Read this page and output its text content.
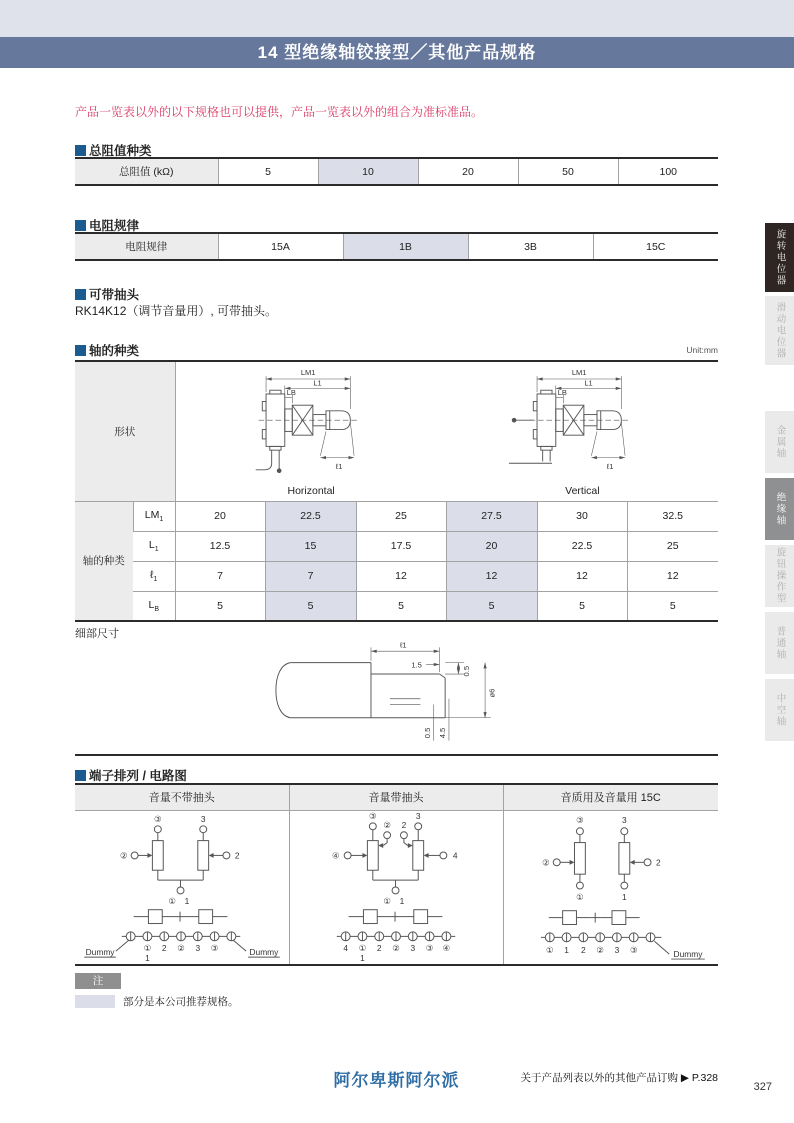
14 型绝缘轴铰接型／其他产品规格

产品一览表以外的以下规格也可以提供，产品一览表以外的组合为准标准品。

总阻值种类
总阻值 (kΩ)	5	10	20	50	100
电阻规律
电阻规律	15A	1B	3B	15C
可带抽头
RK14K12（调节音量用）, 可带抽头。
轴的种类	Unit:mm
形状	
LM1
L1
LB
ℓ1
Horizontal
LM1
L1
LB
ℓ1
Vertical

轴的种类	$LM_1$	20	22.5	25	27.5	30	32.5
	$L_1$	12.5	15	17.5	20	22.5	25
	ℓ$_1$	7	7	12	12	12	12
	$L_B$	5	5	5	5	5	5
细部尺寸
ℓ1
1.5
0.5
ø6
0.5 4.5
端子排列 / 电路图
音量不带抽头	音量带抽头	音质用及音量用 15C

③	3
②	2
① 1
① 2 ② 3 ③
1
Dummy	Dummy

③
② 2
3
④	4
① 1
4 ① 2 ② 3 ③ ④
1

③
②
①
3
2
1
① 1 2 ② 3 ③	Dummy
注
部分是本公司推荐规格。
阿尔卑斯阿尔派	关于产品列表以外的其他产品订购 ▶ P.328
327
旋转电位器
滑动电位器
金属轴
绝缘轴
旋钮操作型
普通轴
中空轴
